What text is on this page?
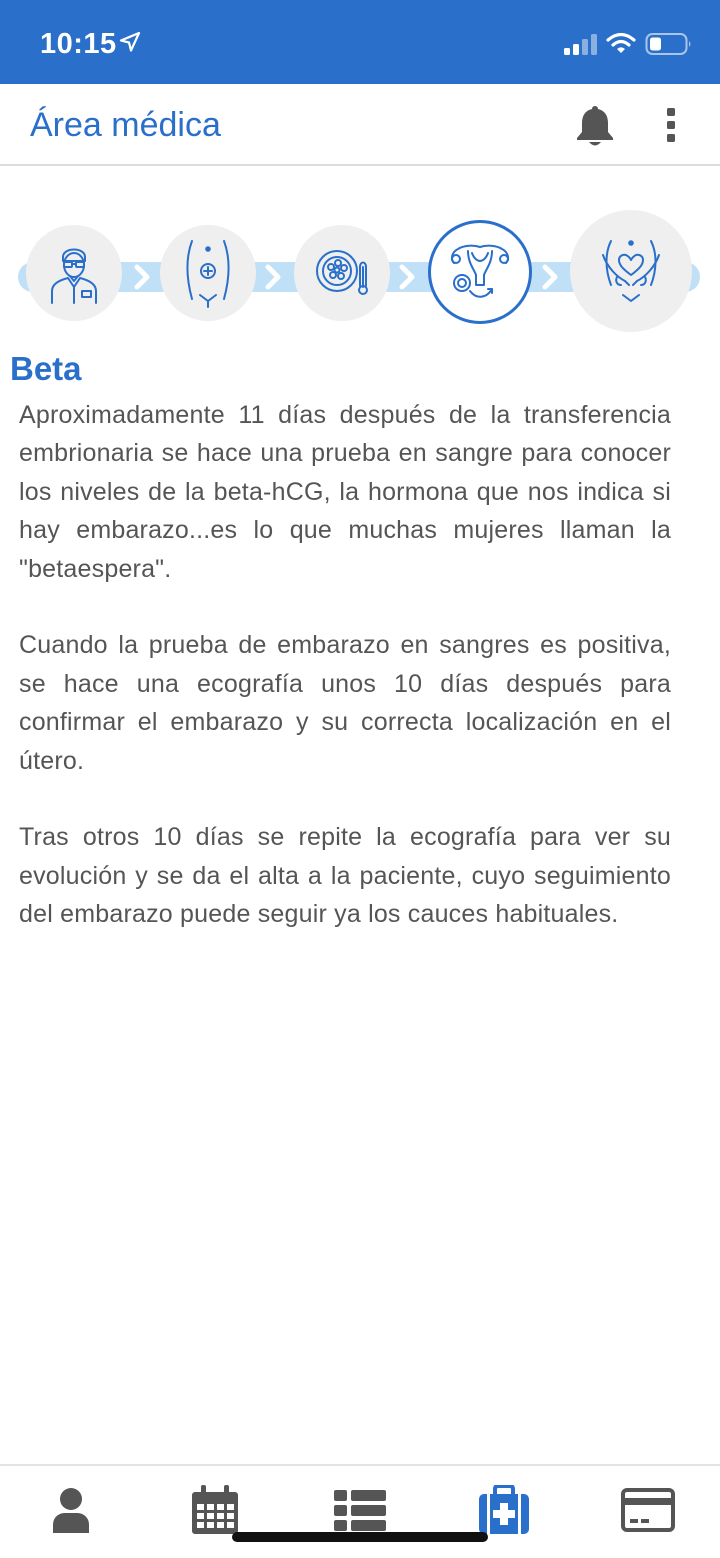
10:15
Área médica
Beta

Aproximadamente 11 días después de la transferencia embrionaria se hace una prueba en sangre para conocer los niveles de la beta-hCG, la hormona que nos indica si hay embarazo...es lo que muchas mujeres llaman la "betaespera".

Cuando la prueba de embarazo en sangres es positiva, se hace una ecografía unos 10 días después para confirmar el embarazo y su correcta localización en el útero.

Tras otros 10 días se repite la ecografía para ver su evolución y se da el alta a la paciente, cuyo seguimiento del embarazo puede seguir ya los cauces habituales.
